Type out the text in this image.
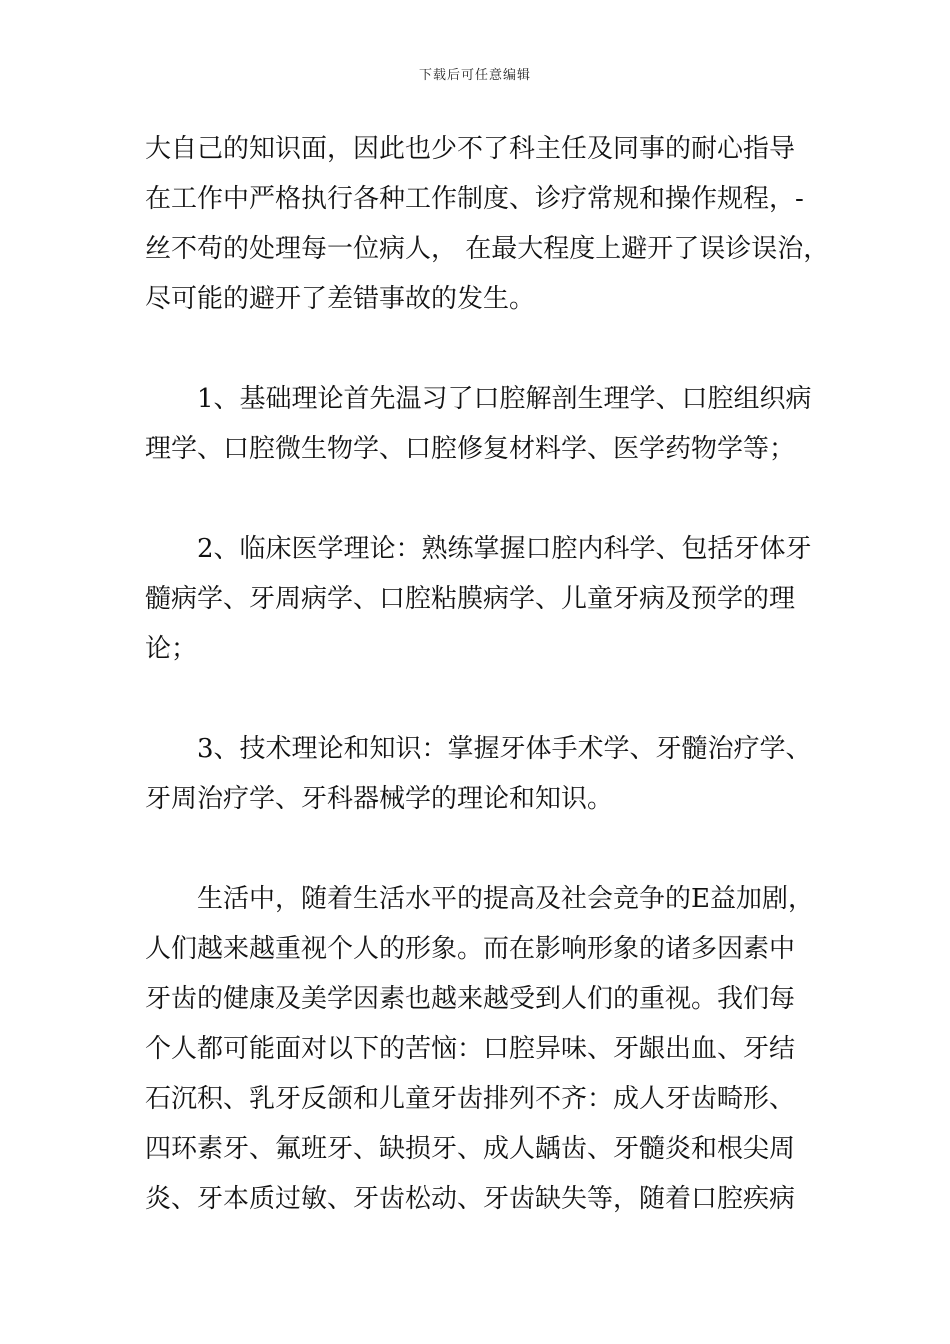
下载后可任意编辑
大自己的知识面，因此也少不了科主任及同事的耐心指导
在工作中严格执行各种工作制度、诊疗常规和操作规程，-
丝不苟的处理每一位病人， 在最大程度上避开了误诊误治，
尽可能的避开了差错事故的发生。
1、基础理论首先温习了口腔解剖生理学、口腔组织病
理学、口腔微生物学、口腔修复材料学、医学药物学等；
2、临床医学理论：熟练掌握口腔内科学、包括牙体牙
髓病学、牙周病学、口腔粘膜病学、儿童牙病及预学的理
论；
3、技术理论和知识：掌握牙体手术学、牙髓治疗学、
牙周治疗学、牙科器械学的理论和知识。
生活中，随着生活水平的提高及社会竞争的E益加剧，
人们越来越重视个人的形象。而在影响形象的诸多因素中
牙齿的健康及美学因素也越来越受到人们的重视。我们每
个人都可能面对以下的苦恼：口腔异味、牙龈出血、牙结
石沉积、乳牙反颌和儿童牙齿排列不齐：成人牙齿畸形、
四环素牙、氟班牙、缺损牙、成人龋齿、牙髓炎和根尖周
炎、牙本质过敏、牙齿松动、牙齿缺失等，随着口腔疾病
